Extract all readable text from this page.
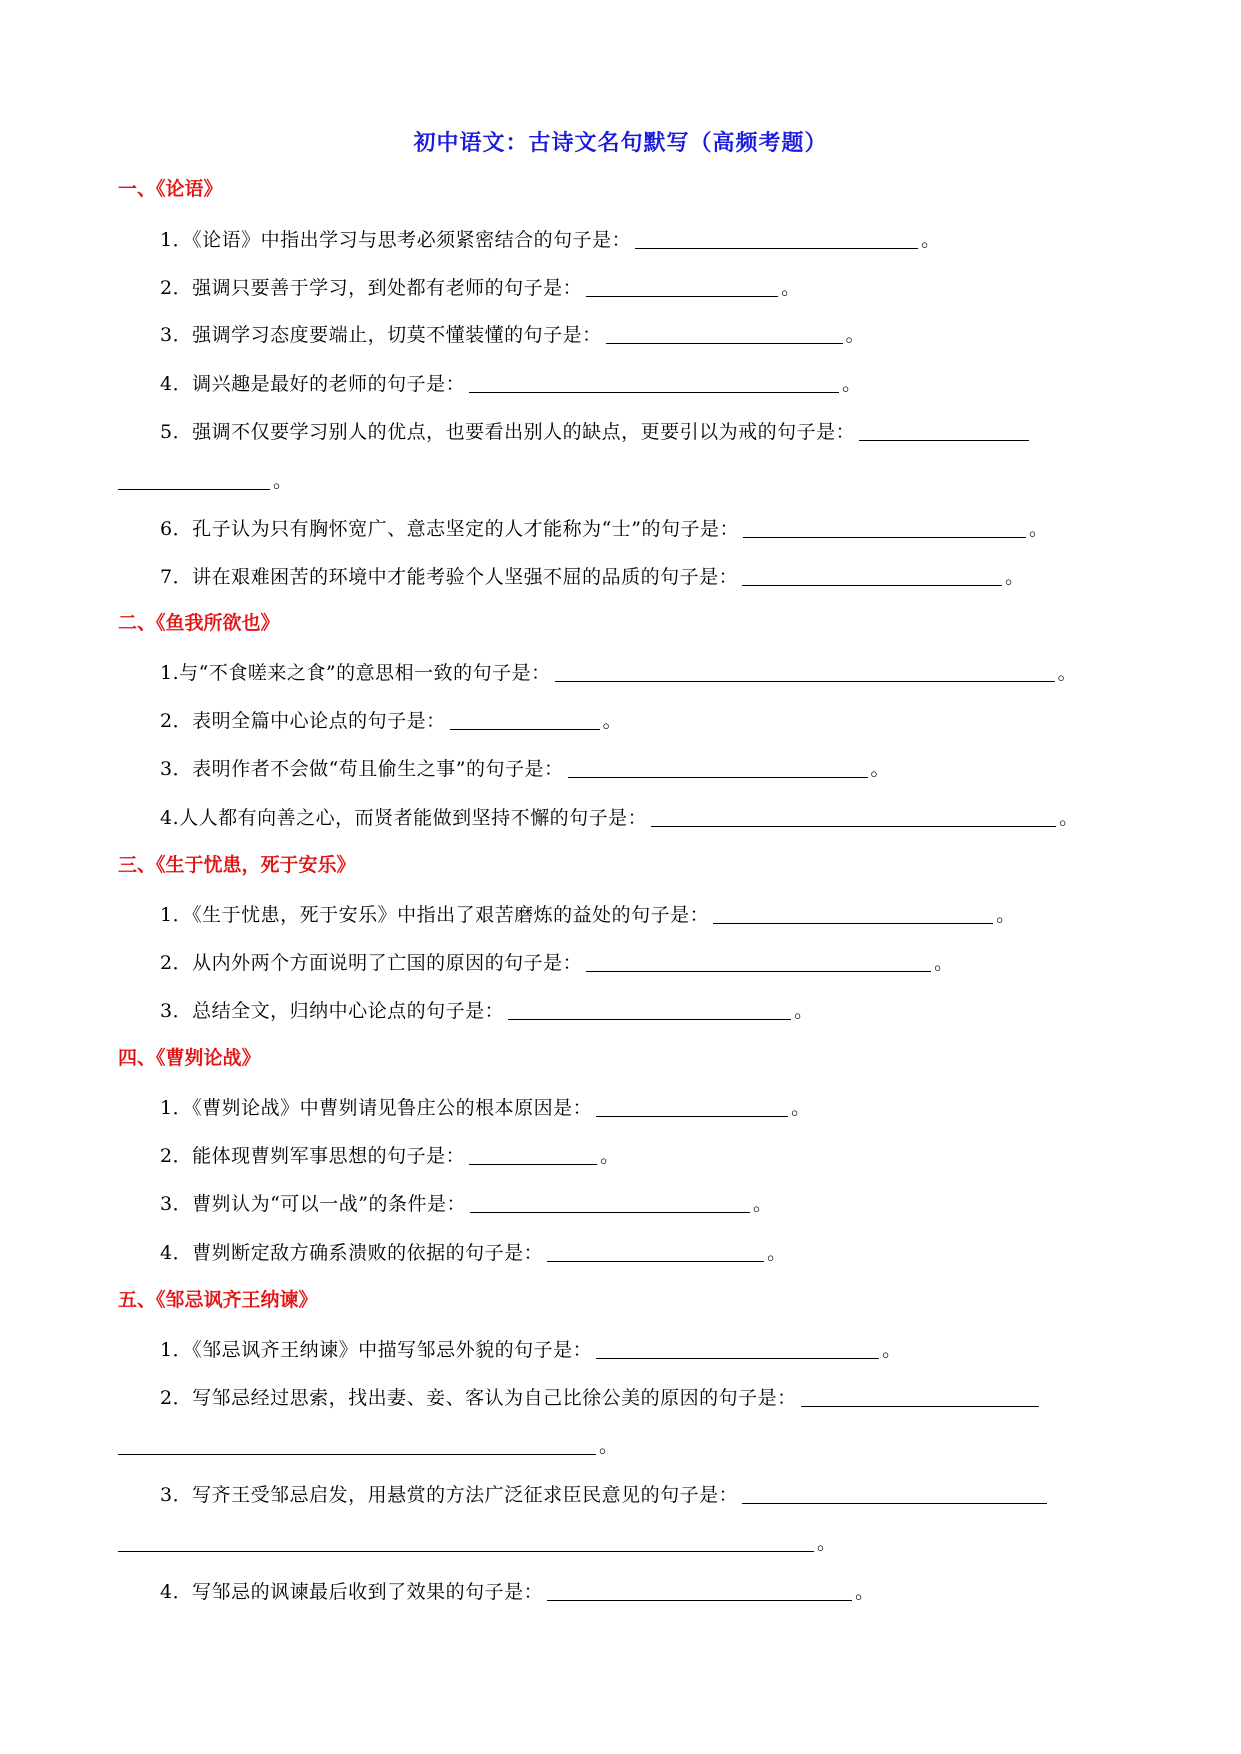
初中语文：古诗文名句默写（高频考题）
一、《论语》
1．《论语》中指出学习与思考必须紧密结合的句子是：	。
2．强调只要善于学习，到处都有老师的句子是：	。
3．强调学习态度要端止，切莫不懂装懂的句子是：	。
4．调兴趣是最好的老师的句子是：	。
5．强调不仅要学习别人的优点，也要看出别人的缺点，更要引以为戒的句子是：
。
6．孔子认为只有胸怀宽广、意志坚定的人才能称为“士”的句子是：	。
7．讲在艰难困苦的环境中才能考验个人坚强不屈的品质的句子是：	。
二、《鱼我所欲也》
1.与“不食嗟来之食”的意思相一致的句子是：	。
2．表明全篇中心论点的句子是：	。
3．表明作者不会做“苟且偷生之事”的句子是：	。
4.人人都有向善之心，而贤者能做到坚持不懈的句子是：	。
三、《生于忧患，死于安乐》
1．《生于忧患，死于安乐》中指出了艰苦磨炼的益处的句子是：	。
2．从内外两个方面说明了亡国的原因的句子是：	。
3．总结全文，归纳中心论点的句子是：	。
四、《曹刿论战》
1．《曹刿论战》中曹刿请见鲁庄公的根本原因是：	。
2．能体现曹刿军事思想的句子是：	。
3．曹刿认为“可以一战”的条件是：	。
4．曹刿断定敌方确系溃败的依据的句子是：	。
五、《邹忌讽齐王纳谏》
1．《邹忌讽齐王纳谏》中描写邹忌外貌的句子是：	。
2．写邹忌经过思索，找出妻、妾、客认为自己比徐公美的原因的句子是：
。
3．写齐王受邹忌启发，用悬赏的方法广泛征求臣民意见的句子是：
。
4．写邹忌的讽谏最后收到了效果的句子是：	。
